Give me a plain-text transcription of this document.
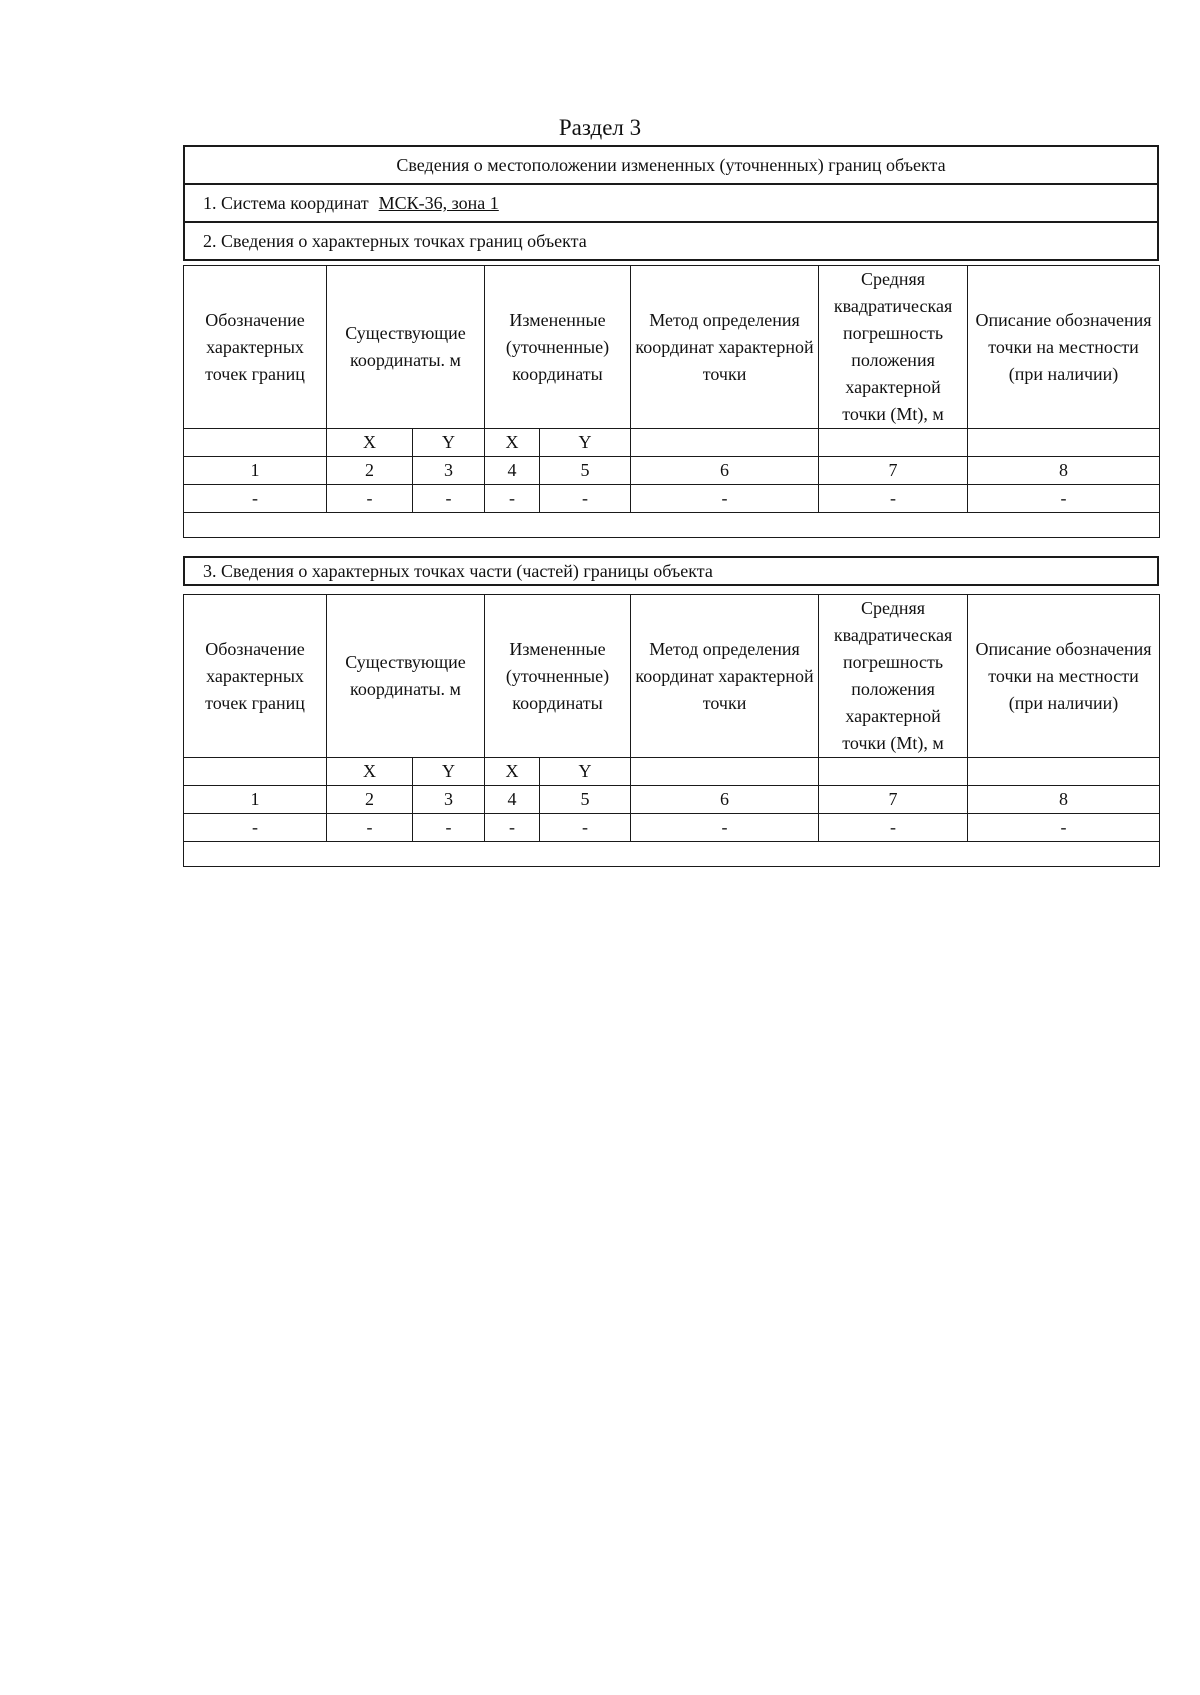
Раздел 3
Сведения о местоположении измененных (уточненных) границ объекта
1. Система координат МСК-36, зона 1
2. Сведения о характерных точках границ объекта
Обозначение характерных точек границ	Существующие координаты. м		Измененные (уточненные) координаты		Метод определения координат характерной точки	Средняя квадратическая погрешность положения характерной точки (Mt), м	Описание обозначения точки на местности (при наличии)
	X	Y	X	Y			
1	2	3	4	5	6	7	8
-	-	-	-	-	-	-	-

3. Сведения о характерных точках части (частей) границы объекта
Обозначение характерных точек границ	Существующие координаты. м		Измененные (уточненные) координаты		Метод определения координат характерной точки	Средняя квадратическая погрешность положения характерной точки (Mt), м	Описание обозначения точки на местности (при наличии)
	X	Y	X	Y			
1	2	3	4	5	6	7	8
-	-	-	-	-	-	-	-
